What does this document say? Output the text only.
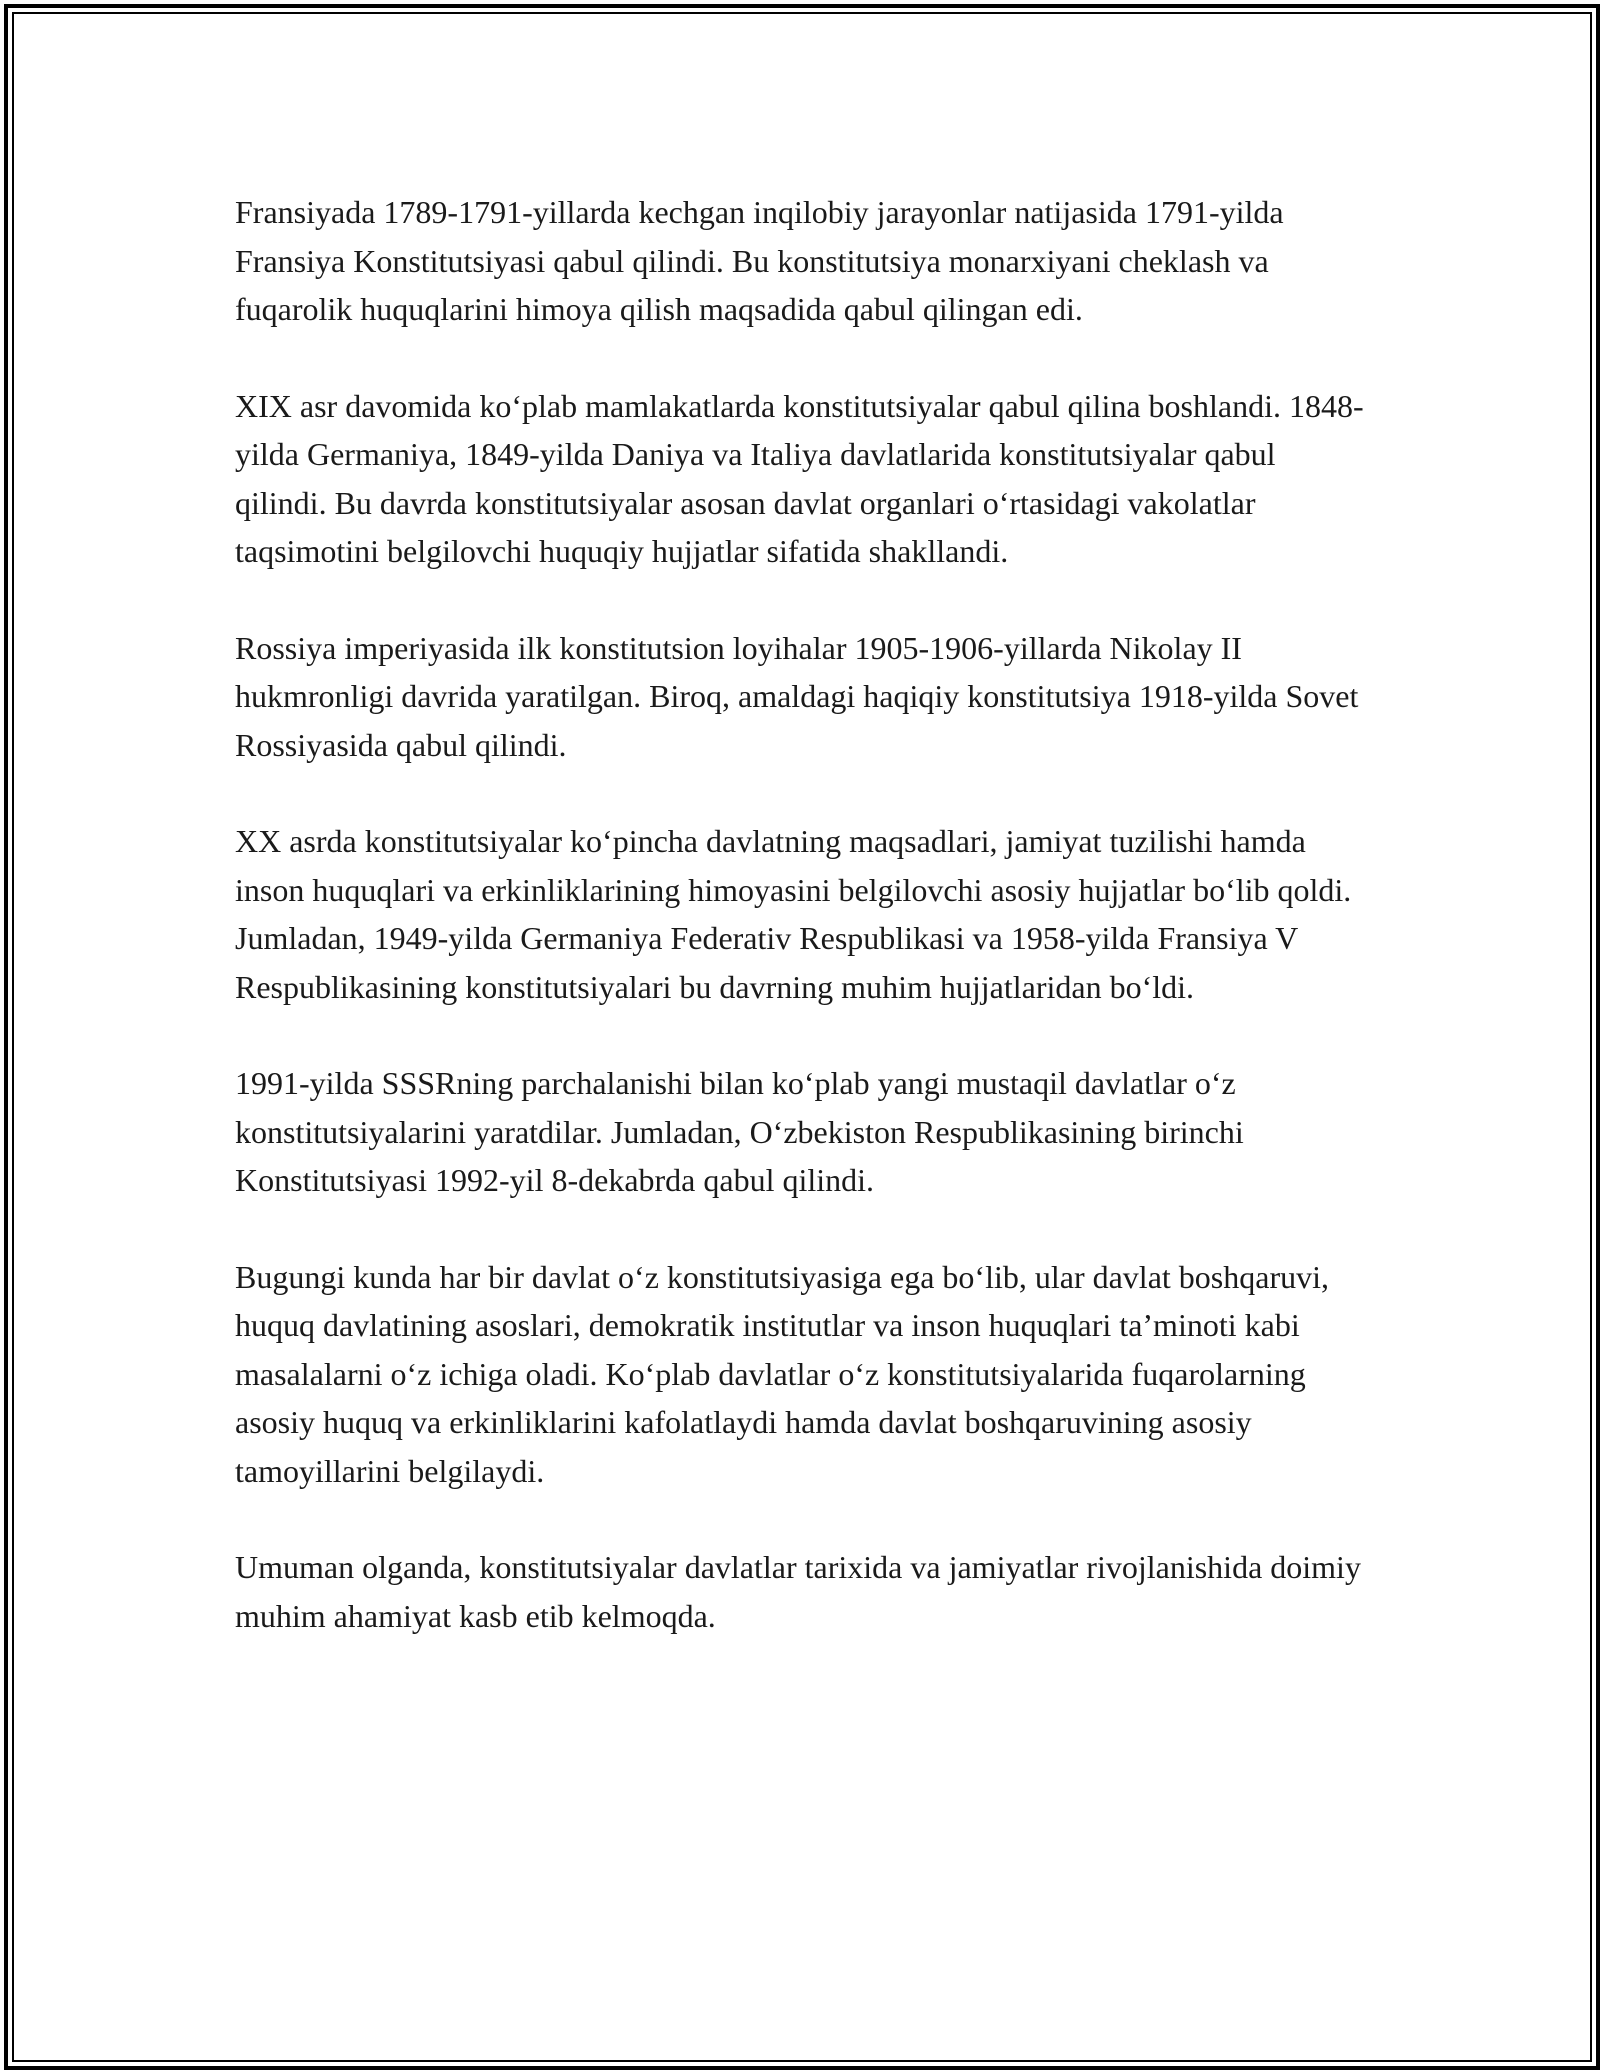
Fransiyada 1789-1791-yillarda kechgan inqilobiy jarayonlar natijasida 1791-yilda Fransiya Konstitutsiyasi qabul qilindi. Bu konstitutsiya monarxiyani cheklash va fuqarolik huquqlarini himoya qilish maqsadida qabul qilingan edi.

XIX asr davomida ko‘plab mamlakatlarda konstitutsiyalar qabul qilina boshlandi. 1848-yilda Germaniya, 1849-yilda Daniya va Italiya davlatlarida konstitutsiyalar qabul qilindi. Bu davrda konstitutsiyalar asosan davlat organlari o‘rtasidagi vakolatlar taqsimotini belgilovchi huquqiy hujjatlar sifatida shakllandi.

Rossiya imperiyasida ilk konstitutsion loyihalar 1905-1906-yillarda Nikolay II hukmronligi davrida yaratilgan. Biroq, amaldagi haqiqiy konstitutsiya 1918-yilda Sovet Rossiyasida qabul qilindi.

XX asrda konstitutsiyalar ko‘pincha davlatning maqsadlari, jamiyat tuzilishi hamda inson huquqlari va erkinliklarining himoyasini belgilovchi asosiy hujjatlar bo‘lib qoldi. Jumladan, 1949-yilda Germaniya Federativ Respublikasi va 1958-yilda Fransiya V Respublikasining konstitutsiyalari bu davrning muhim hujjatlaridan bo‘ldi.

1991-yilda SSSRning parchalanishi bilan ko‘plab yangi mustaqil davlatlar o‘z konstitutsiyalarini yaratdilar. Jumladan, O‘zbekiston Respublikasining birinchi Konstitutsiyasi 1992-yil 8-dekabrda qabul qilindi.

Bugungi kunda har bir davlat o‘z konstitutsiyasiga ega bo‘lib, ular davlat boshqaruvi, huquq davlatining asoslari, demokratik institutlar va inson huquqlari ta’minoti kabi masalalarni o‘z ichiga oladi. Ko‘plab davlatlar o‘z konstitutsiyalarida fuqarolarning asosiy huquq va erkinliklarini kafolatlaydi hamda davlat boshqaruvining asosiy tamoyillarini belgilaydi.

Umuman olganda, konstitutsiyalar davlatlar tarixida va jamiyatlar rivojlanishida doimiy muhim ahamiyat kasb etib kelmoqda.
